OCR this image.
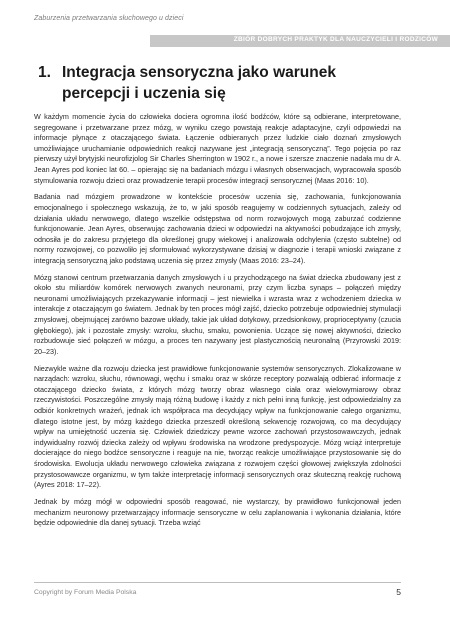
Zaburzenia przetwarzania słuchowego u dzieci
ZBIÓR DOBRYCH PRAKTYK DLA NAUCZYCIELI I RODZICÓW
1. Integracja sensoryczna jako warunek percepcji i uczenia się

W każdym momencie życia do człowieka dociera ogromna ilość bodźców, które są odbierane, interpretowane, segregowane i przetwarzane przez mózg, w wyniku czego powstają reakcje adaptacyjne, czyli odpowiedzi na informacje płynące z otaczającego świata. Łączenie odbieranych przez ludzkie ciało doznań zmysłowych umożliwiające uruchamianie odpowiednich reakcji nazywane jest „integracją sensoryczną”. Tego pojęcia po raz pierwszy użył brytyjski neurofizjolog Sir Charles Sherrington w 1902 r., a nowe i szersze znaczenie nadała mu dr A. Jean Ayres pod koniec lat 60. – opierając się na badaniach mózgu i własnych obserwacjach, wypracowała sposób stymulowania rozwoju dzieci oraz prowadzenie terapii procesów integracji sensorycznej (Maas 2016: 10).

Badania nad mózgiem prowadzone w kontekście procesów uczenia się, zachowania, funkcjonowania emocjonalnego i społecznego wskazują, że to, w jaki sposób reagujemy w codziennych sytuacjach, zależy od działania układu nerwowego, dlatego wszelkie odstępstwa od norm rozwojowych mogą zaburzać codzienne funkcjonowanie. Jean Ayres, obserwując zachowania dzieci w odpowiedzi na aktywności pobudzające ich zmysły, odnosiła je do zakresu przyjętego dla określonej grupy wiekowej i analizowała odchylenia (często subtelne) od normy rozwojowej, co pozwoliło jej sformułować wykorzystywane dzisiaj w diagnozie i terapii wnioski związane z integracją sensoryczną jako podstawą uczenia się przez zmysły (Maas 2016: 23–24).

Mózg stanowi centrum przetwarzania danych zmysłowych i u przychodzącego na świat dziecka zbudowany jest z około stu miliardów komórek nerwowych zwanych neuronami, przy czym liczba synaps – połączeń między neuronami umożliwiających przekazywanie informacji – jest niewielka i wzrasta wraz z wchodzeniem dziecka w interakcje z otaczającym go światem. Jednak by ten proces mógł zajść, dziecko potrzebuje odpowiedniej stymulacji zmysłowej, obejmującej zarówno bazowe układy, takie jak układ dotykowy, przedsionkowy, proprioceptywny (czucia głębokiego), jak i pozostałe zmysły: wzroku, słuchu, smaku, powonienia. Uczące się nowej aktywności, dziecko rozbudowuje sieć połączeń w mózgu, a proces ten nazywany jest plastycznością neuronalną (Przyrowski 2019: 20–23).

Niezwykle ważne dla rozwoju dziecka jest prawidłowe funkcjonowanie systemów sensorycznych. Zlokalizowane w narządach: wzroku, słuchu, równowagi, węchu i smaku oraz w skórze receptory pozwalają odbierać informacje z otaczającego dziecko świata, z których mózg tworzy obraz własnego ciała oraz wielowymiarowy obraz rzeczywistości. Poszczególne zmysły mają różną budowę i każdy z nich pełni inną funkcję, jest odpowiedzialny za odbiór konkretnych wrażeń, jednak ich współpraca ma decydujący wpływ na funkcjonowanie całego organizmu, dlatego istotne jest, by mózg każdego dziecka przeszedł określoną sekwencję rozwojową, co ma decydujący wpływ na umiejętność uczenia się. Człowiek dziedziczy pewne wzorce zachowań przystosowawczych, jednak indywidualny rozwój dziecka zależy od wpływu środowiska na wrodzone predyspozycje. Mózg wciąż interpretuje docierające do niego bodźce sensoryczne i reaguje na nie, tworząc reakcje umożliwiające przystosowanie się do środowiska. Ewolucja układu nerwowego człowieka związana z rozwojem części głowowej zwiększyła zdolności przystosowawcze organizmu, w tym także interpretację informacji sensorycznych oraz skuteczną reakcję ruchową (Ayres 2018: 17–22).

Jednak by mózg mógł w odpowiedni sposób reagować, nie wystarczy, by prawidłowo funkcjonował jeden mechanizm neuronowy przetwarzający informacje sensoryczne w celu zaplanowania i wykonania działania, które będzie odpowiednie dla danej sytuacji. Trzeba wziąć

Copyright by Forum Media Polska	5
